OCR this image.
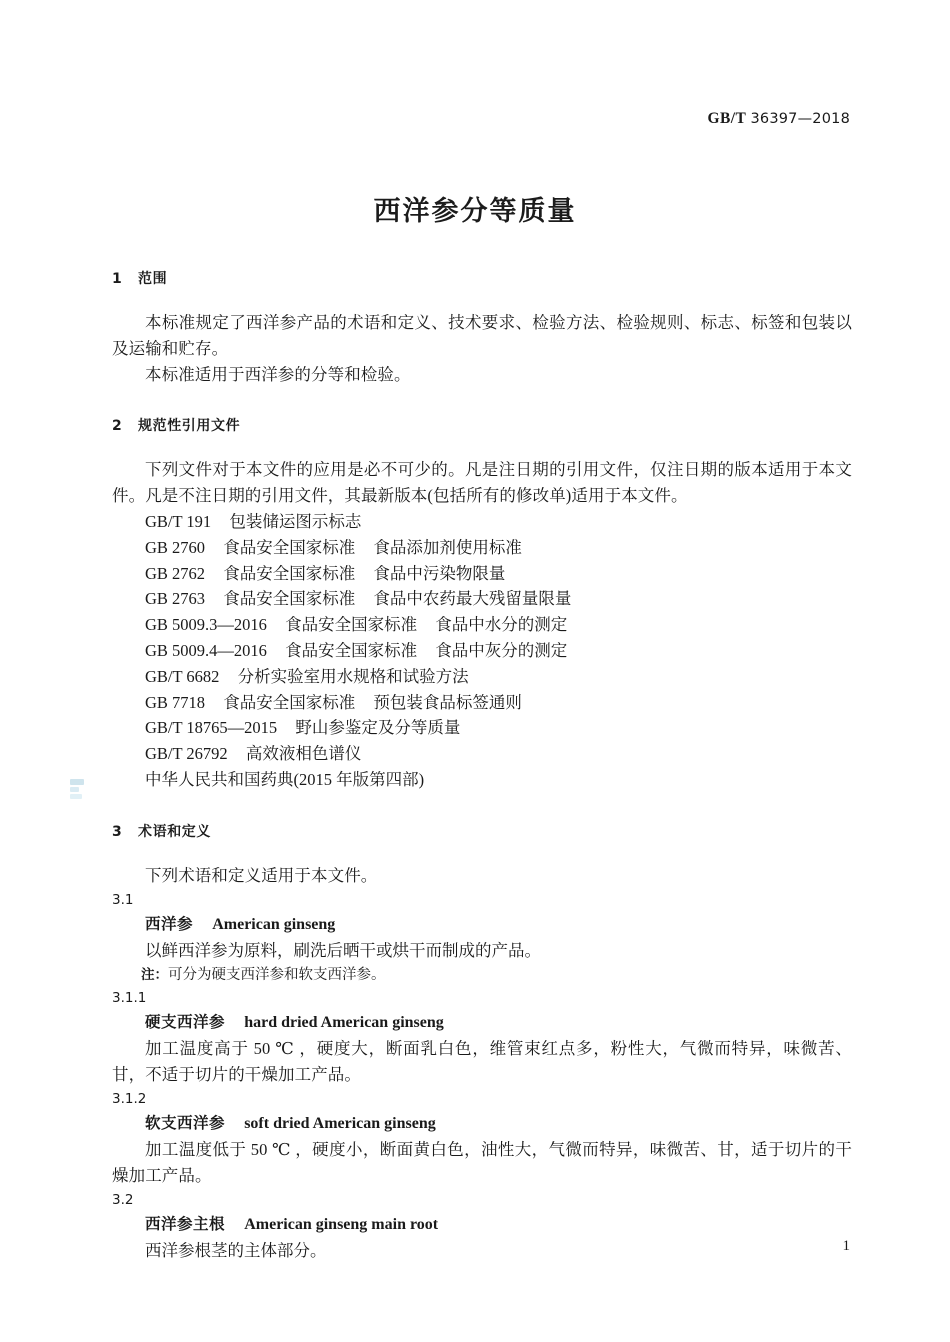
GB/T 36397—2018
西洋参分等质量
1 范围

本标准规定了西洋参产品的术语和定义、技术要求、检验方法、检验规则、标志、标签和包装以及运输和贮存。

本标准适用于西洋参的分等和检验。

2 规范性引用文件

下列文件对于本文件的应用是必不可少的。凡是注日期的引用文件，仅注日期的版本适用于本文件。凡是不注日期的引用文件，其最新版本(包括所有的修改单)适用于本文件。

GB/T 191 包装储运图示标志
GB 2760 食品安全国家标准 食品添加剂使用标准
GB 2762 食品安全国家标准 食品中污染物限量
GB 2763 食品安全国家标准 食品中农药最大残留量限量
GB 5009.3—2016 食品安全国家标准 食品中水分的测定
GB 5009.4—2016 食品安全国家标准 食品中灰分的测定
GB/T 6682 分析实验室用水规格和试验方法
GB 7718 食品安全国家标准 预包装食品标签通则
GB/T 18765—2015 野山参鉴定及分等质量
GB/T 26792 高效液相色谱仪
中华人民共和国药典(2015 年版第四部)
3 术语和定义

下列术语和定义适用于本文件。

3.1

西洋参 American ginseng

以鲜西洋参为原料，刷洗后晒干或烘干而制成的产品。

注：可分为硬支西洋参和软支西洋参。

3.1.1

硬支西洋参 hard dried American ginseng

加工温度高于 50 ℃ ，硬度大，断面乳白色，维管束红点多，粉性大，气微而特异，味微苦、甘，不适于切片的干燥加工产品。

3.1.2

软支西洋参 soft dried American ginseng

加工温度低于 50 ℃ ，硬度小，断面黄白色，油性大，气微而特异，味微苦、甘，适于切片的干燥加工产品。

3.2

西洋参主根 American ginseng main root

西洋参根茎的主体部分。	1
